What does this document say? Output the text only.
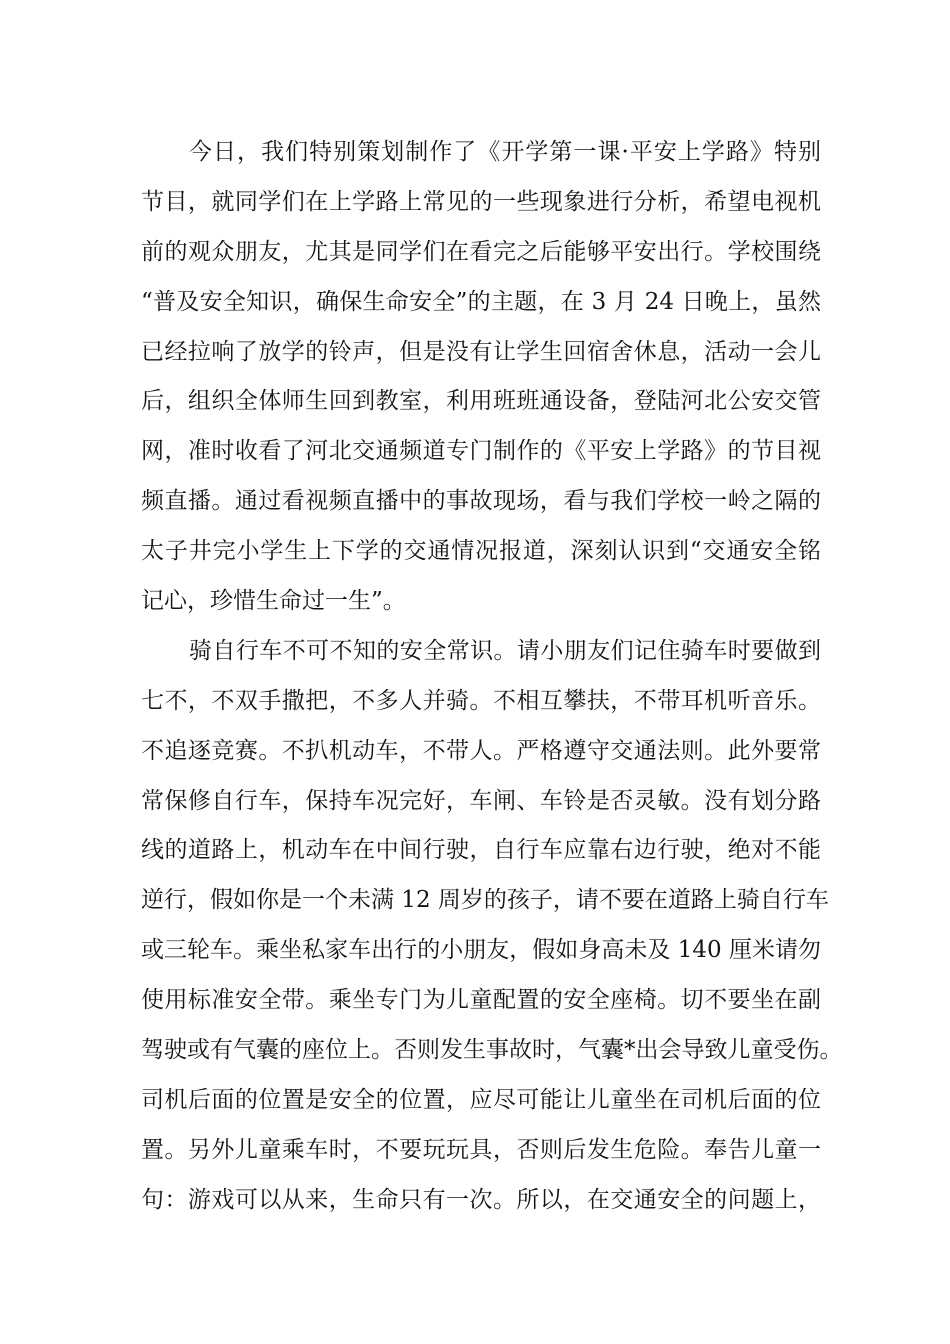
今日，我们特别策划制作了《开学第一课·平安上学路》特别
节目，就同学们在上学路上常见的一些现象进行分析，希望电视机
前的观众朋友，尤其是同学们在看完之后能够平安出行。学校围绕
“普及安全知识，确保生命安全”的主题，在 3 月 24 日晚上，虽然
已经拉响了放学的铃声，但是没有让学生回宿舍休息，活动一会儿
后，组织全体师生回到教室，利用班班通设备，登陆河北公安交管
网，准时收看了河北交通频道专门制作的《平安上学路》的节目视
频直播。通过看视频直播中的事故现场，看与我们学校一岭之隔的
太子井完小学生上下学的交通情况报道，深刻认识到“交通安全铭
记心，珍惜生命过一生”。
骑自行车不可不知的安全常识。请小朋友们记住骑车时要做到
七不，不双手撒把，不多人并骑。不相互攀扶，不带耳机听音乐。
不追逐竞赛。不扒机动车，不带人。严格遵守交通法则。此外要常
常保修自行车，保持车况完好，车闸、车铃是否灵敏。没有划分路
线的道路上，机动车在中间行驶，自行车应靠右边行驶，绝对不能
逆行，假如你是一个未满 12 周岁的孩子，请不要在道路上骑自行车
或三轮车。乘坐私家车出行的小朋友，假如身高未及 140 厘米请勿
使用标准安全带。乘坐专门为儿童配置的安全座椅。切不要坐在副
驾驶或有气囊的座位上。否则发生事故时，气囊*出会导致儿童受伤。
司机后面的位置是安全的位置，应尽可能让儿童坐在司机后面的位
置。另外儿童乘车时，不要玩玩具，否则后发生危险。奉告儿童一
句：游戏可以从来，生命只有一次。所以，在交通安全的问题上，
